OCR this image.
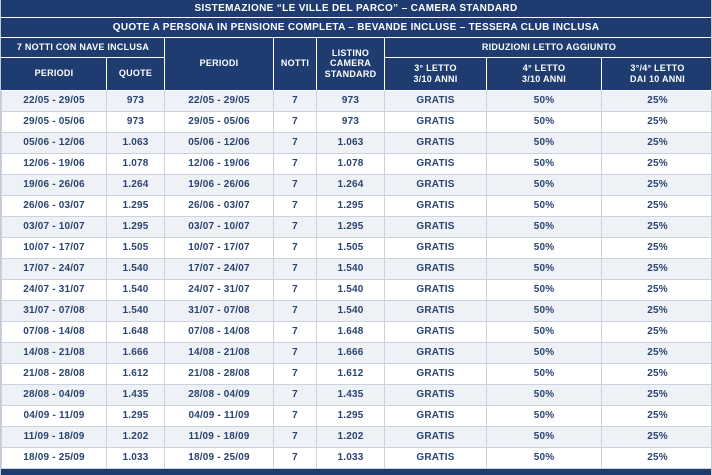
SISTEMAZIONE “LE VILLE DEL PARCO” – CAMERA STANDARD
QUOTE A PERSONA IN PENSIONE COMPLETA – BEVANDE INCLUSE – TESSERA CLUB INCLUSA
7 NOTTI CON NAVE INCLUSA		PERIODI	NOTTI	LISTINO CAMERA STANDARD	RIDUZIONI LETTO AGGIUNTO		
PERIODI	QUOTE				3° LETTO 3/10 ANNI	4° LETTO 3/10 ANNI	3°/4° LETTO DAI 10 ANNI

22/05 - 29/05	973	22/05 - 29/05	7	973	GRATIS	50%	25%
29/05 - 05/06	973	29/05 - 05/06	7	973	GRATIS	50%	25%
05/06 - 12/06	1.063	05/06 - 12/06	7	1.063	GRATIS	50%	25%
12/06 - 19/06	1.078	12/06 - 19/06	7	1.078	GRATIS	50%	25%
19/06 - 26/06	1.264	19/06 - 26/06	7	1.264	GRATIS	50%	25%
26/06 - 03/07	1.295	26/06 - 03/07	7	1.295	GRATIS	50%	25%
03/07 - 10/07	1.295	03/07 - 10/07	7	1.295	GRATIS	50%	25%
10/07 - 17/07	1.505	10/07 - 17/07	7	1.505	GRATIS	50%	25%
17/07 - 24/07	1.540	17/07 - 24/07	7	1.540	GRATIS	50%	25%
24/07 - 31/07	1.540	24/07 - 31/07	7	1.540	GRATIS	50%	25%
31/07 - 07/08	1.540	31/07 - 07/08	7	1.540	GRATIS	50%	25%
07/08 - 14/08	1.648	07/08 - 14/08	7	1.648	GRATIS	50%	25%
14/08 - 21/08	1.666	14/08 - 21/08	7	1.666	GRATIS	50%	25%
21/08 - 28/08	1.612	21/08 - 28/08	7	1.612	GRATIS	50%	25%
28/08 - 04/09	1.435	28/08 - 04/09	7	1.435	GRATIS	50%	25%
04/09 - 11/09	1.295	04/09 - 11/09	7	1.295	GRATIS	50%	25%
11/09 - 18/09	1.202	11/09 - 18/09	7	1.202	GRATIS	50%	25%
18/09 - 25/09	1.033	18/09 - 25/09	7	1.033	GRATIS	50%	25%
